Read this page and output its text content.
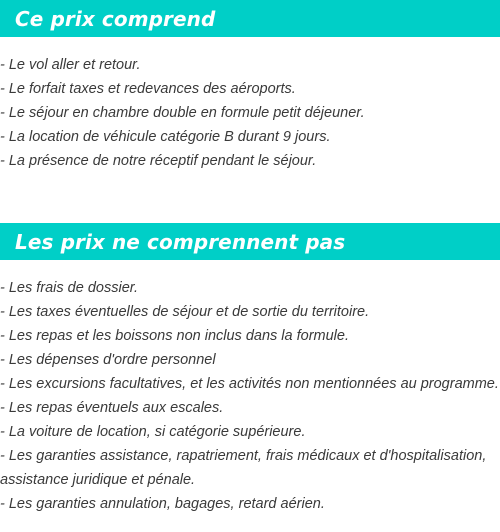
Ce prix comprend
- Le vol aller et retour.
- Le forfait taxes et redevances des aéroports.
- Le séjour en chambre double en formule petit déjeuner.
- La location de véhicule catégorie B durant 9 jours.
- La présence de notre réceptif pendant le séjour.
Les prix ne comprennent pas
- Les frais de dossier.
- Les taxes éventuelles de séjour et de sortie du territoire.
- Les repas et les boissons non inclus dans la formule.
- Les dépenses d'ordre personnel
- Les excursions facultatives, et les activités non mentionnées au programme.
- Les repas éventuels aux escales.
- La voiture de location, si catégorie supérieure.
- Les garanties assistance, rapatriement, frais médicaux et d'hospitalisation, assistance juridique et pénale.
- Les garanties annulation, bagages, retard aérien.
